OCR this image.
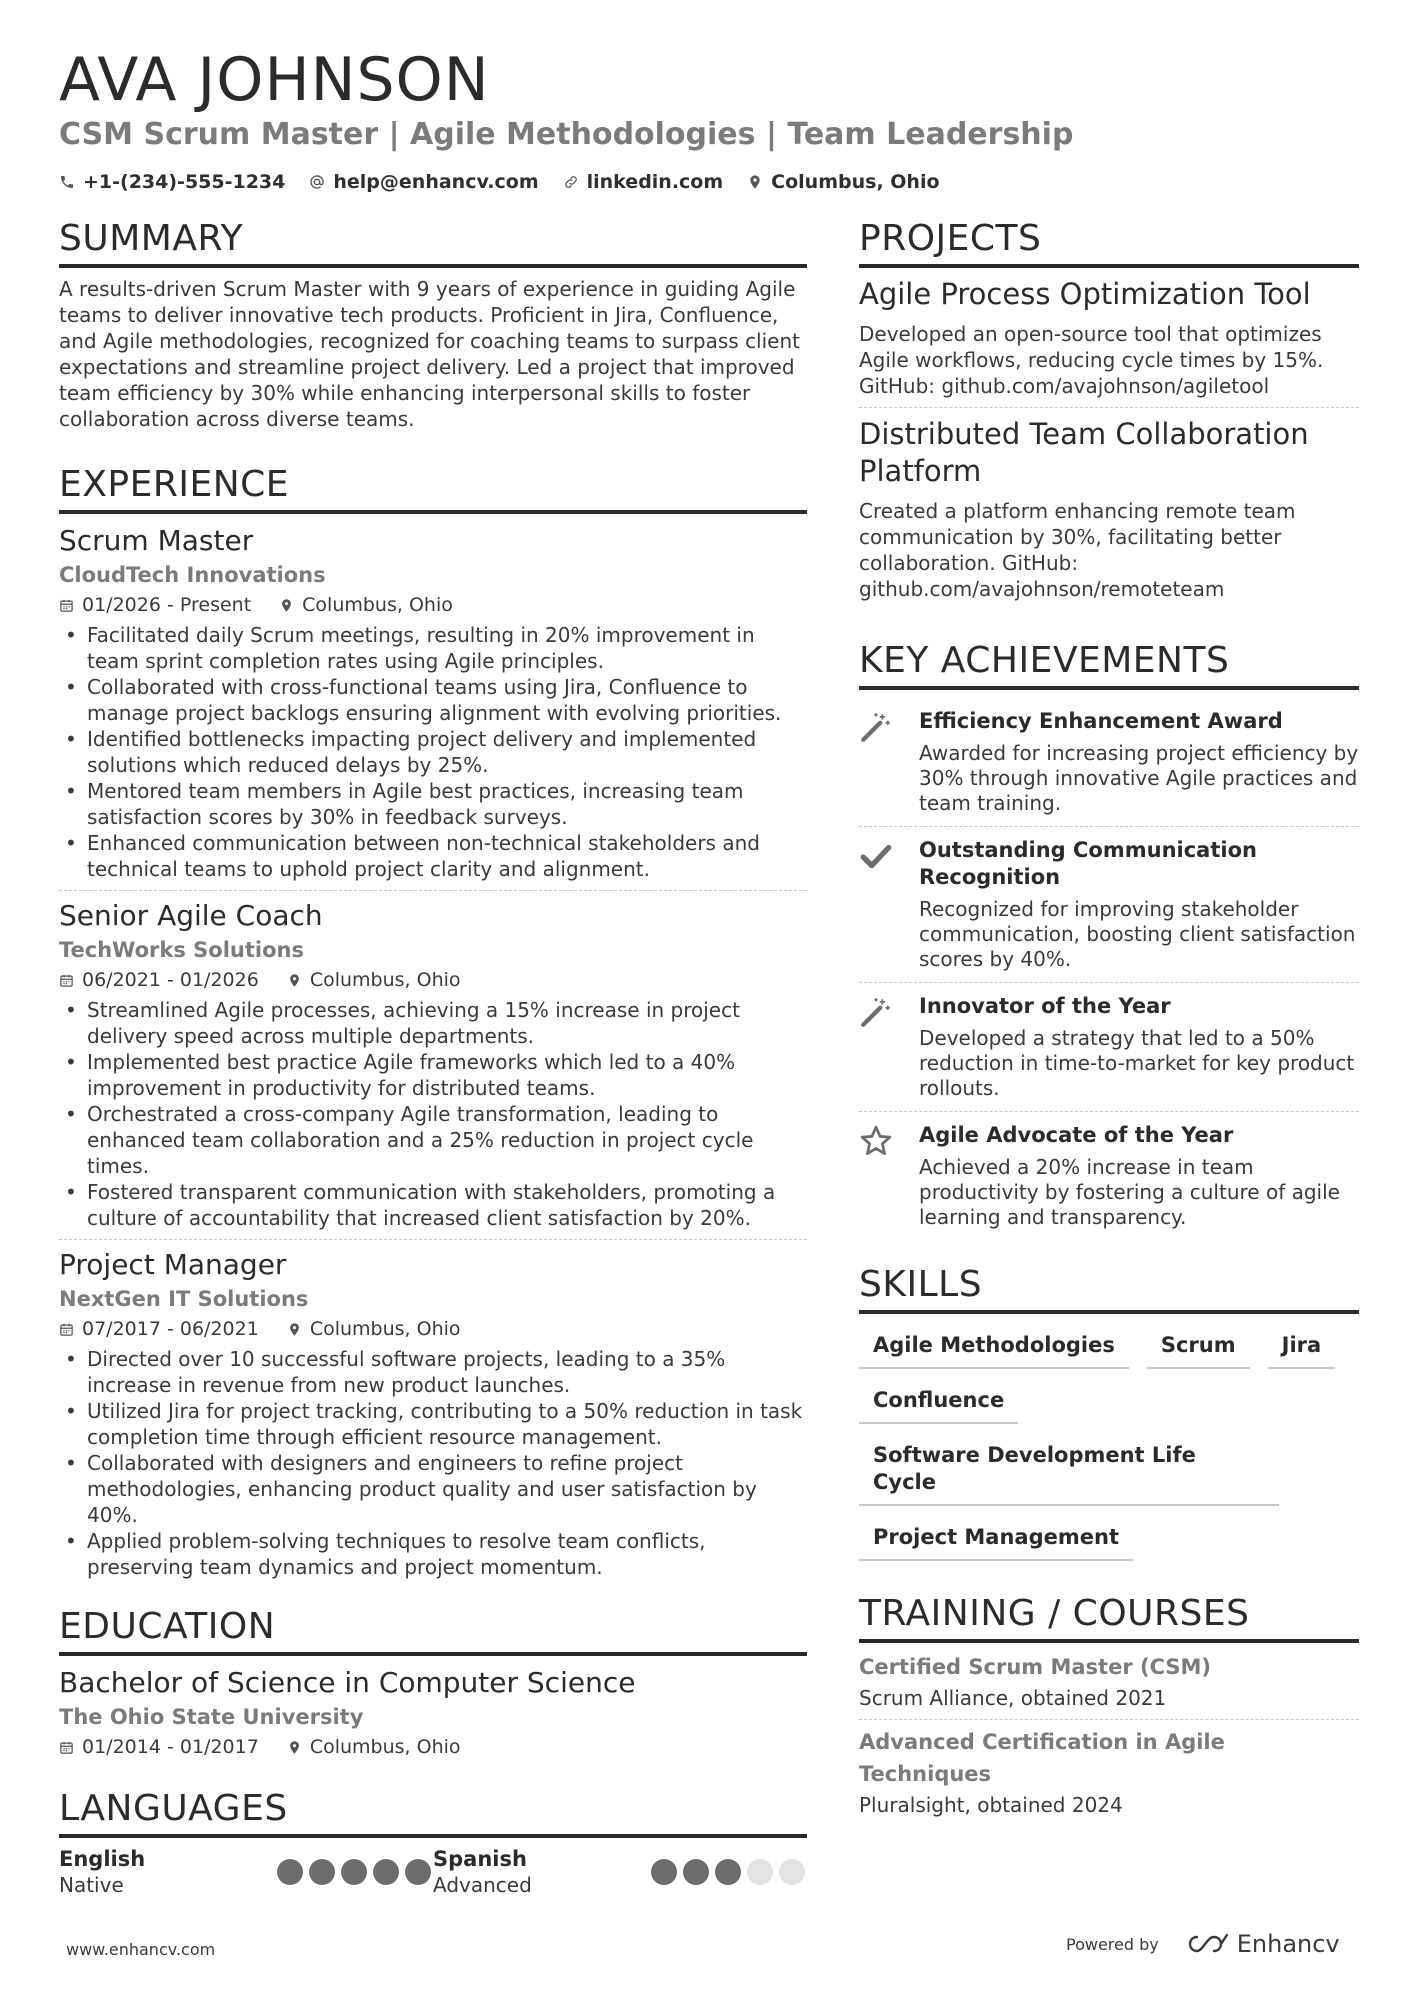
AVA JOHNSON
CSM Scrum Master | Agile Methodologies | Team Leadership
+1-(234)-555-1234	help@enhancv.com	linkedin.com	Columbus, Ohio
SUMMARY
A results-driven Scrum Master with 9 years of experience in guiding Agile teams to deliver innovative tech products. Proficient in Jira, Confluence, and Agile methodologies, recognized for coaching teams to surpass client expectations and streamline project delivery. Led a project that improved team efficiency by 30% while enhancing interpersonal skills to foster collaboration across diverse teams.
EXPERIENCE
Scrum Master
CloudTech Innovations
01/2026 - Present	Columbus, Ohio
• Facilitated daily Scrum meetings, resulting in 20% improvement in team sprint completion rates using Agile principles.
• Collaborated with cross-functional teams using Jira, Confluence to manage project backlogs ensuring alignment with evolving priorities.
• Identified bottlenecks impacting project delivery and implemented solutions which reduced delays by 25%.
• Mentored team members in Agile best practices, increasing team satisfaction scores by 30% in feedback surveys.
• Enhanced communication between non-technical stakeholders and technical teams to uphold project clarity and alignment.
Senior Agile Coach
TechWorks Solutions
06/2021 - 01/2026	Columbus, Ohio
• Streamlined Agile processes, achieving a 15% increase in project delivery speed across multiple departments.
• Implemented best practice Agile frameworks which led to a 40% improvement in productivity for distributed teams.
• Orchestrated a cross-company Agile transformation, leading to enhanced team collaboration and a 25% reduction in project cycle times.
• Fostered transparent communication with stakeholders, promoting a culture of accountability that increased client satisfaction by 20%.
Project Manager
NextGen IT Solutions
07/2017 - 06/2021	Columbus, Ohio
• Directed over 10 successful software projects, leading to a 35% increase in revenue from new product launches.
• Utilized Jira for project tracking, contributing to a 50% reduction in task completion time through efficient resource management.
• Collaborated with designers and engineers to refine project methodologies, enhancing product quality and user satisfaction by 40%.
• Applied problem-solving techniques to resolve team conflicts, preserving team dynamics and project momentum.
EDUCATION
Bachelor of Science in Computer Science
The Ohio State University
01/2014 - 01/2017	Columbus, Ohio
LANGUAGES
English
Native
Spanish
Advanced
PROJECTS
Agile Process Optimization Tool
Developed an open-source tool that optimizes Agile workflows, reducing cycle times by 15%. GitHub: github.com/avajohnson/agiletool
Distributed Team Collaboration Platform
Created a platform enhancing remote team communication by 30%, facilitating better collaboration. GitHub: github.com/avajohnson/remoteteam
KEY ACHIEVEMENTS
Efficiency Enhancement Award
Awarded for increasing project efficiency by 30% through innovative Agile practices and team training.
Outstanding Communication Recognition
Recognized for improving stakeholder communication, boosting client satisfaction scores by 40%.
Innovator of the Year
Developed a strategy that led to a 50% reduction in time-to-market for key product rollouts.
Agile Advocate of the Year
Achieved a 20% increase in team productivity by fostering a culture of agile learning and transparency.
SKILLS
Agile Methodologies	Scrum	Jira
Confluence
Software Development Life Cycle
Project Management
TRAINING / COURSES
Certified Scrum Master (CSM)
Scrum Alliance, obtained 2021
Advanced Certification in Agile Techniques
Pluralsight, obtained 2024
www.enhancv.com	Powered by	Enhancv
